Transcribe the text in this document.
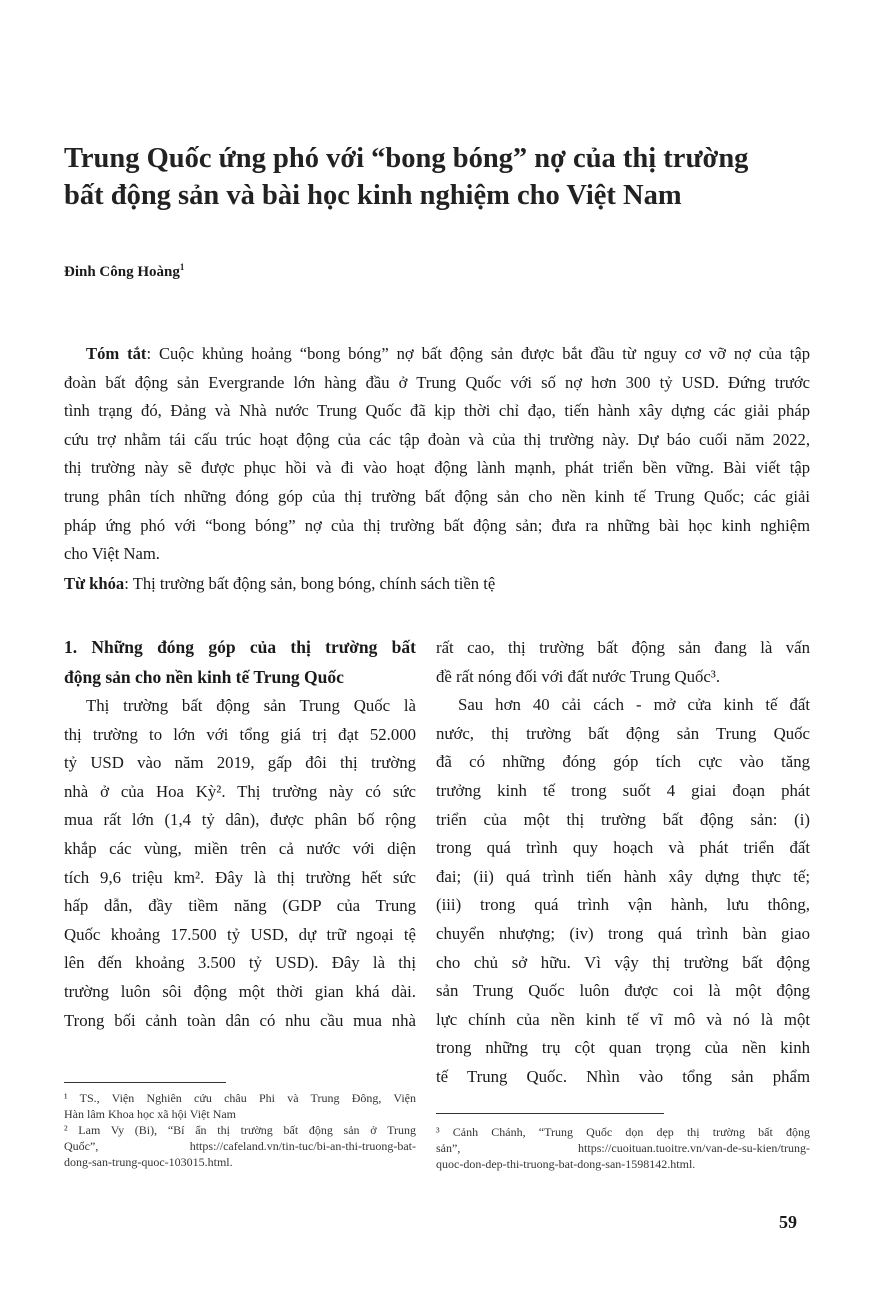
Trung Quốc ứng phó với “bong bóng” nợ của thị trường
bất động sản và bài học kinh nghiệm cho Việt Nam
Đinh Công Hoàng$^1$
Tóm tắt: Cuộc khủng hoảng “bong bóng” nợ bất động sản được bắt đầu từ nguy cơ vỡ nợ của tập
đoàn bất động sản Evergrande lớn hàng đầu ở Trung Quốc với số nợ hơn 300 tỷ USD. Đứng trước
tình trạng đó, Đảng và Nhà nước Trung Quốc đã kịp thời chỉ đạo, tiến hành xây dựng các giải pháp
cứu trợ nhằm tái cấu trúc hoạt động của các tập đoàn và của thị trường này. Dự báo cuối năm 2022,
thị trường này sẽ được phục hồi và đi vào hoạt động lành mạnh, phát triển bền vững. Bài viết tập
trung phân tích những đóng góp của thị trường bất động sản cho nền kinh tế Trung Quốc; các giải
pháp ứng phó với “bong bóng” nợ của thị trường bất động sản; đưa ra những bài học kinh nghiệm
cho Việt Nam.
Từ khóa: Thị trường bất động sản, bong bóng, chính sách tiền tệ
1. Những đóng góp của thị trường bất
động sản cho nền kinh tế Trung Quốc
Thị trường bất động sản Trung Quốc là
thị trường to lớn với tổng giá trị đạt 52.000
tỷ USD vào năm 2019, gấp đôi thị trường
nhà ở của Hoa Kỳ². Thị trường này có sức
mua rất lớn (1,4 tỷ dân), được phân bố rộng
khắp các vùng, miền trên cả nước với diện
tích 9,6 triệu km². Đây là thị trường hết sức
hấp dẫn, đầy tiềm năng (GDP của Trung
Quốc khoảng 17.500 tỷ USD, dự trữ ngoại tệ
lên đến khoảng 3.500 tỷ USD). Đây là thị
trường luôn sôi động một thời gian khá dài.
Trong bối cảnh toàn dân có nhu cầu mua nhà
rất cao, thị trường bất động sản đang là vấn
đề rất nóng đối với đất nước Trung Quốc³.
Sau hơn 40 cải cách - mở cửa kinh tế đất
nước, thị trường bất động sản Trung Quốc
đã có những đóng góp tích cực vào tăng
trưởng kinh tế trong suốt 4 giai đoạn phát
triển của một thị trường bất động sản: (i)
trong quá trình quy hoạch và phát triển đất
đai; (ii) quá trình tiến hành xây dựng thực tế;
(iii) trong quá trình vận hành, lưu thông,
chuyển nhượng; (iv) trong quá trình bàn giao
cho chủ sở hữu. Vì vậy thị trường bất động
sản Trung Quốc luôn được coi là một động
lực chính của nền kinh tế vĩ mô và nó là một
trong những trụ cột quan trọng của nền kinh
tế Trung Quốc. Nhìn vào tổng sản phẩm
¹ TS., Viện Nghiên cứu châu Phi và Trung Đông, Viện
Hàn lâm Khoa học xã hội Việt Nam
² Lam Vy (Bi), “Bí ẩn thị trường bất động sản ở Trung
Quốc”, https://cafeland.vn/tin-tuc/bi-an-thi-truong-bat-
dong-san-trung-quoc-103015.html.
³ Cảnh Chánh, “Trung Quốc dọn dẹp thị trường bất động
sản”, https://cuoituan.tuoitre.vn/van-de-su-kien/trung-
quoc-don-dep-thi-truong-bat-dong-san-1598142.html.
59
